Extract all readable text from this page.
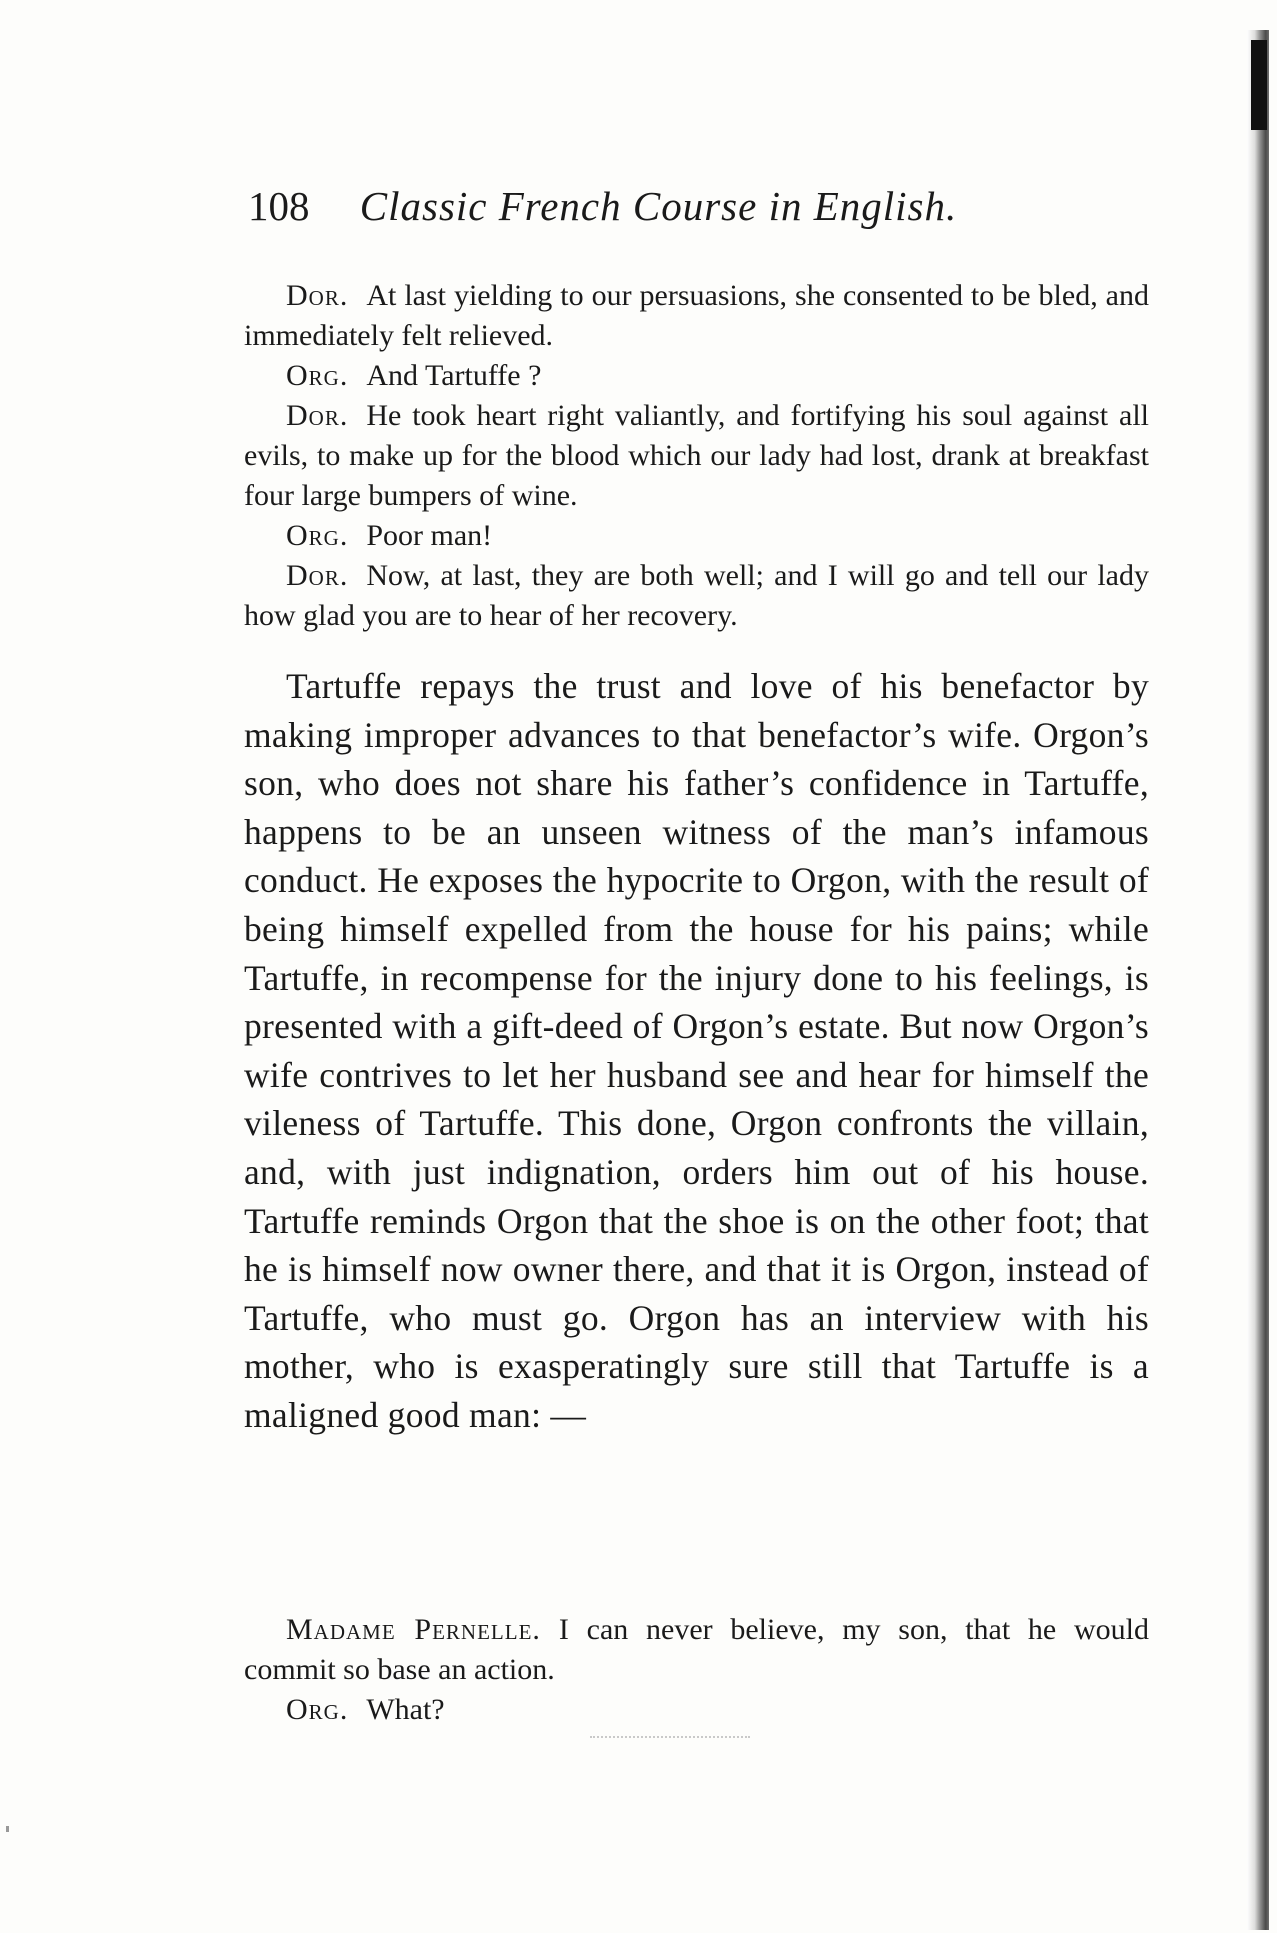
108 Classic French Course in English.

Dor. At last yielding to our persuasions, she consented to be bled, and immediately felt relieved.

Org. And Tartuffe ?

Dor. He took heart right valiantly, and fortifying his soul against all evils, to make up for the blood which our lady had lost, drank at breakfast four large bumpers of wine.

Org. Poor man!

Dor. Now, at last, they are both well; and I will go and tell our lady how glad you are to hear of her recovery.

Tartuffe repays the trust and love of his benefactor by making improper advances to that benefactor’s wife. Orgon’s son, who does not share his father’s confidence in Tartuffe, happens to be an unseen witness of the man’s infamous conduct. He exposes the hypocrite to Orgon, with the result of being himself expelled from the house for his pains; while Tartuffe, in recompense for the injury done to his feelings, is presented with a gift-deed of Orgon’s estate. But now Orgon’s wife contrives to let her husband see and hear for himself the vileness of Tartuffe. This done, Orgon confronts the villain, and, with just indignation, orders him out of his house. Tartuffe reminds Orgon that the shoe is on the other foot; that he is himself now owner there, and that it is Orgon, instead of Tartuffe, who must go. Orgon has an interview with his mother, who is exasperatingly sure still that Tartuffe is a maligned good man: —

Madame Pernelle. I can never believe, my son, that he would commit so base an action.

Org. What?
